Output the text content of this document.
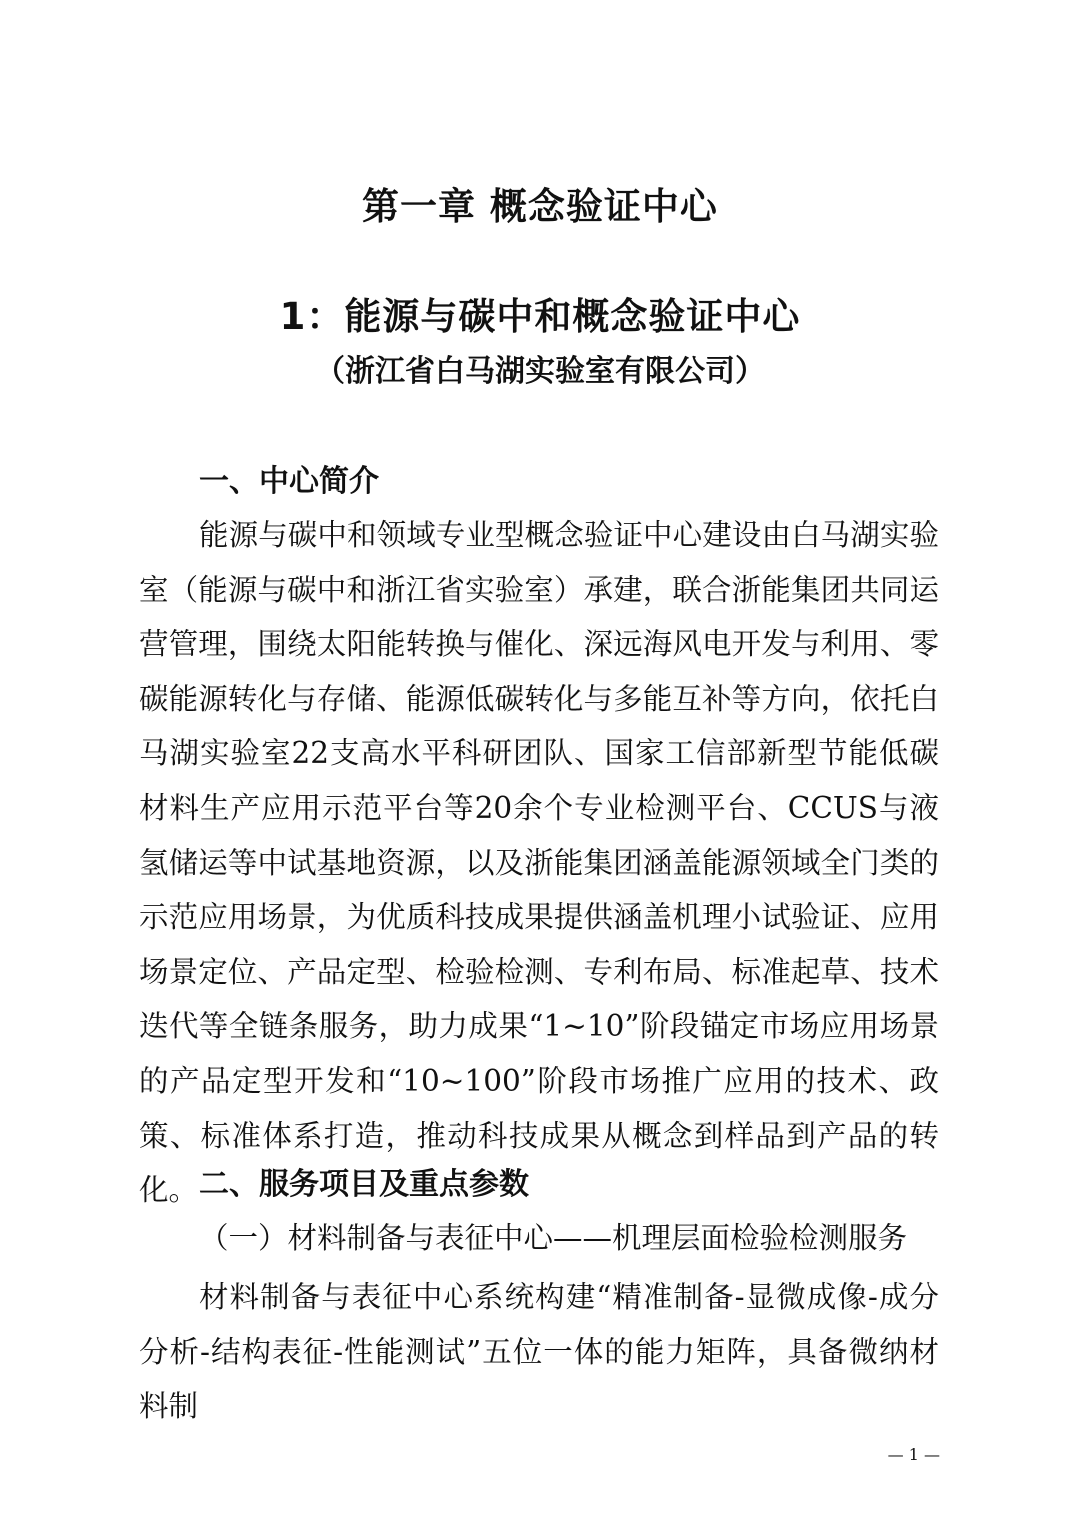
第一章 概念验证中心
1：能源与碳中和概念验证中心
（浙江省白马湖实验室有限公司）
一、中心简介

能源与碳中和领域专业型概念验证中心建设由白马湖实验室（能源与碳中和浙江省实验室）承建，联合浙能集团共同运营管理，围绕太阳能转换与催化、深远海风电开发与利用、零碳能源转化与存储、能源低碳转化与多能互补等方向，依托白马湖实验室22支高水平科研团队、国家工信部新型节能低碳材料生产应用示范平台等20余个专业检测平台、CCUS与液氢储运等中试基地资源，以及浙能集团涵盖能源领域全门类的示范应用场景，为优质科技成果提供涵盖机理小试验证、应用场景定位、产品定型、检验检测、专利布局、标准起草、技术迭代等全链条服务，助力成果“1~10”阶段锚定市场应用场景的产品定型开发和“10~100”阶段市场推广应用的技术、政策、标准体系打造，推动科技成果从概念到样品到产品的转化。 二、服务项目及重点参数
（一）材料制备与表征中心——机理层面检验检测服务

材料制备与表征中心系统构建“精准制备-显微成像-成分分析-结构表征-性能测试”五位一体的能力矩阵，具备微纳材料制

— 1 —
